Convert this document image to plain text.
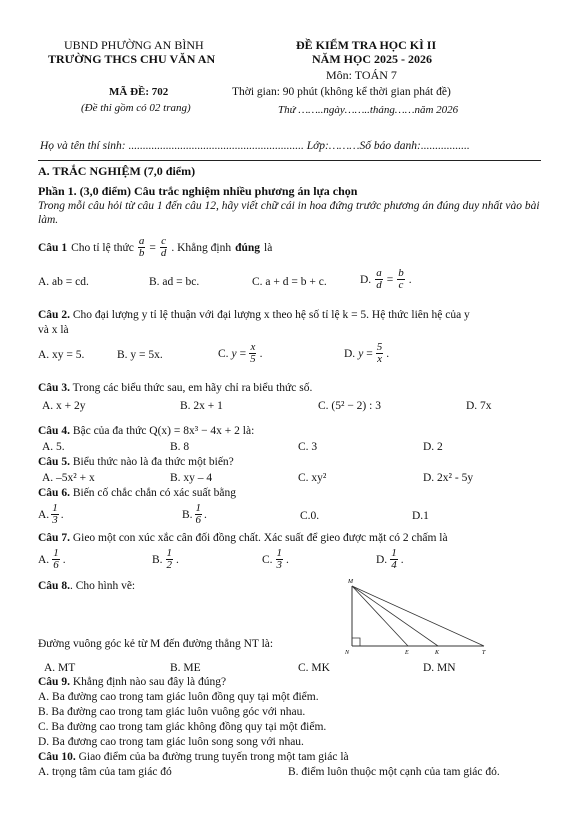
UBND PHƯỜNG AN BÌNH
TRƯỜNG THCS CHU VĂN AN
ĐỀ KIỂM TRA HỌC KÌ II
NĂM HỌC 2025 - 2026
Môn: TOÁN 7
MÃ ĐỀ: 702	Thời gian: 90 phút (không kể thời gian phát đề)
(Đề thi gồm có 02 trang)	Thứ ……..ngày……..tháng……năm 2026
Họ và tên thí sinh: ............................................................. Lớp:………Số báo danh:.................
A. TRẮC NGHIỆM (7,0 điểm)
Phần 1. (3,0 điểm) Câu trắc nghiệm nhiều phương án lựa chọn
Trong mỗi câu hỏi từ câu 1 đến câu 12, hãy viết chữ cái in hoa đứng trước phương án đúng duy nhất vào bài làm.
Câu 1 Cho tỉ lệ thức $\frac{a}{b} = \frac{c}{d}$ . Khẳng định đúng là
A. ab = cd.	B. ad = bc.	C. a + d = b + c.	D. $\frac{a}{d} = \frac{b}{c}$ .
Câu 2. Cho đại lượng y tỉ lệ thuận với đại lượng x theo hệ số tỉ lệ k = 5. Hệ thức liên hệ của y
và x là
A. xy = 5.	B. y = 5x.	C. $y = \frac{x}{5}$ .	D. $y = \frac{5}{x}$ .
Câu 3. Trong các biểu thức sau, em hãy chỉ ra biểu thức số.
A. x + 2y	B. 2x + 1	C. (5² − 2) : 3	D. 7x
Câu 4. Bậc của đa thức Q(x) = 8x³ − 4x + 2 là:
A. 5.	B. 8	C. 3	D. 2
Câu 5. Biểu thức nào là đa thức một biến?
A. –5x² + x	B. xy – 4	C. xy²	D. 2x² - 5y
Câu 6. Biến cố chắc chắn có xác suất bằng
A. $\frac{1}{3}$ .	B. $\frac{1}{6}$ .	C.0.	D.1
Câu 7. Gieo một con xúc xắc cân đối đồng chất. Xác suất để gieo được mặt có 2 chấm là
A. $\frac{1}{6}$ .	B. $\frac{1}{2}$ .	C. $\frac{1}{3}$ .	D. $\frac{1}{4}$ .
Câu 8.. Cho hình vẽ:	M
N	E	K	T
Đường vuông góc kẻ từ M đến đường thẳng NT là:
A. MT	B. ME	C. MK	D. MN
Câu 9. Khẳng định nào sau đây là đúng?
A. Ba đường cao trong tam giác luôn đồng quy tại một điểm.
B. Ba đường cao trong tam giác luôn vuông góc với nhau.
C. Ba đường cao trong tam giác không đồng quy tại một điểm.
D. Ba đương cao trong tam giác luôn song song với nhau.
Câu 10. Giao điểm của ba đường trung tuyến trong một tam giác là
A. trọng tâm của tam giác đó	B. điểm luôn thuộc một cạnh của tam giác đó.
